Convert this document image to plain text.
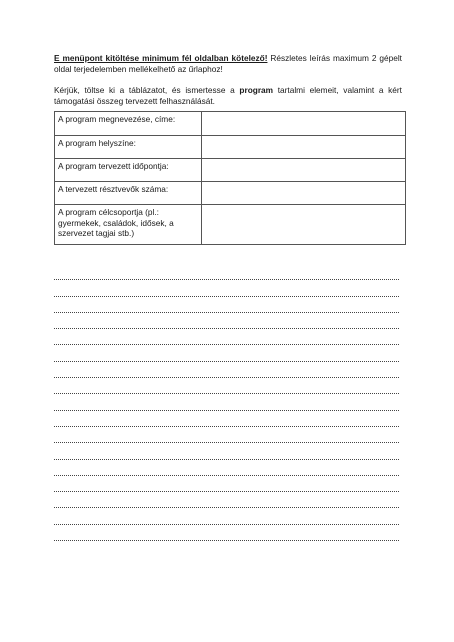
E menüpont kitöltése minimum fél oldalban kötelező! Részletes leírás maximum 2 gépelt oldal terjedelemben mellékelhető az űrlaphoz!

Kérjük, töltse ki a táblázatot, és ismertesse a program tartalmi elemeit, valamint a kért támogatási összeg tervezett felhasználását.

A program megnevezése, címe:	
A program helyszíne:	
A program tervezett időpontja:	
A tervezett résztvevők száma:	
A program célcsoportja (pl.: gyermekek, családok, idősek, a szervezet tagjai stb.)	
